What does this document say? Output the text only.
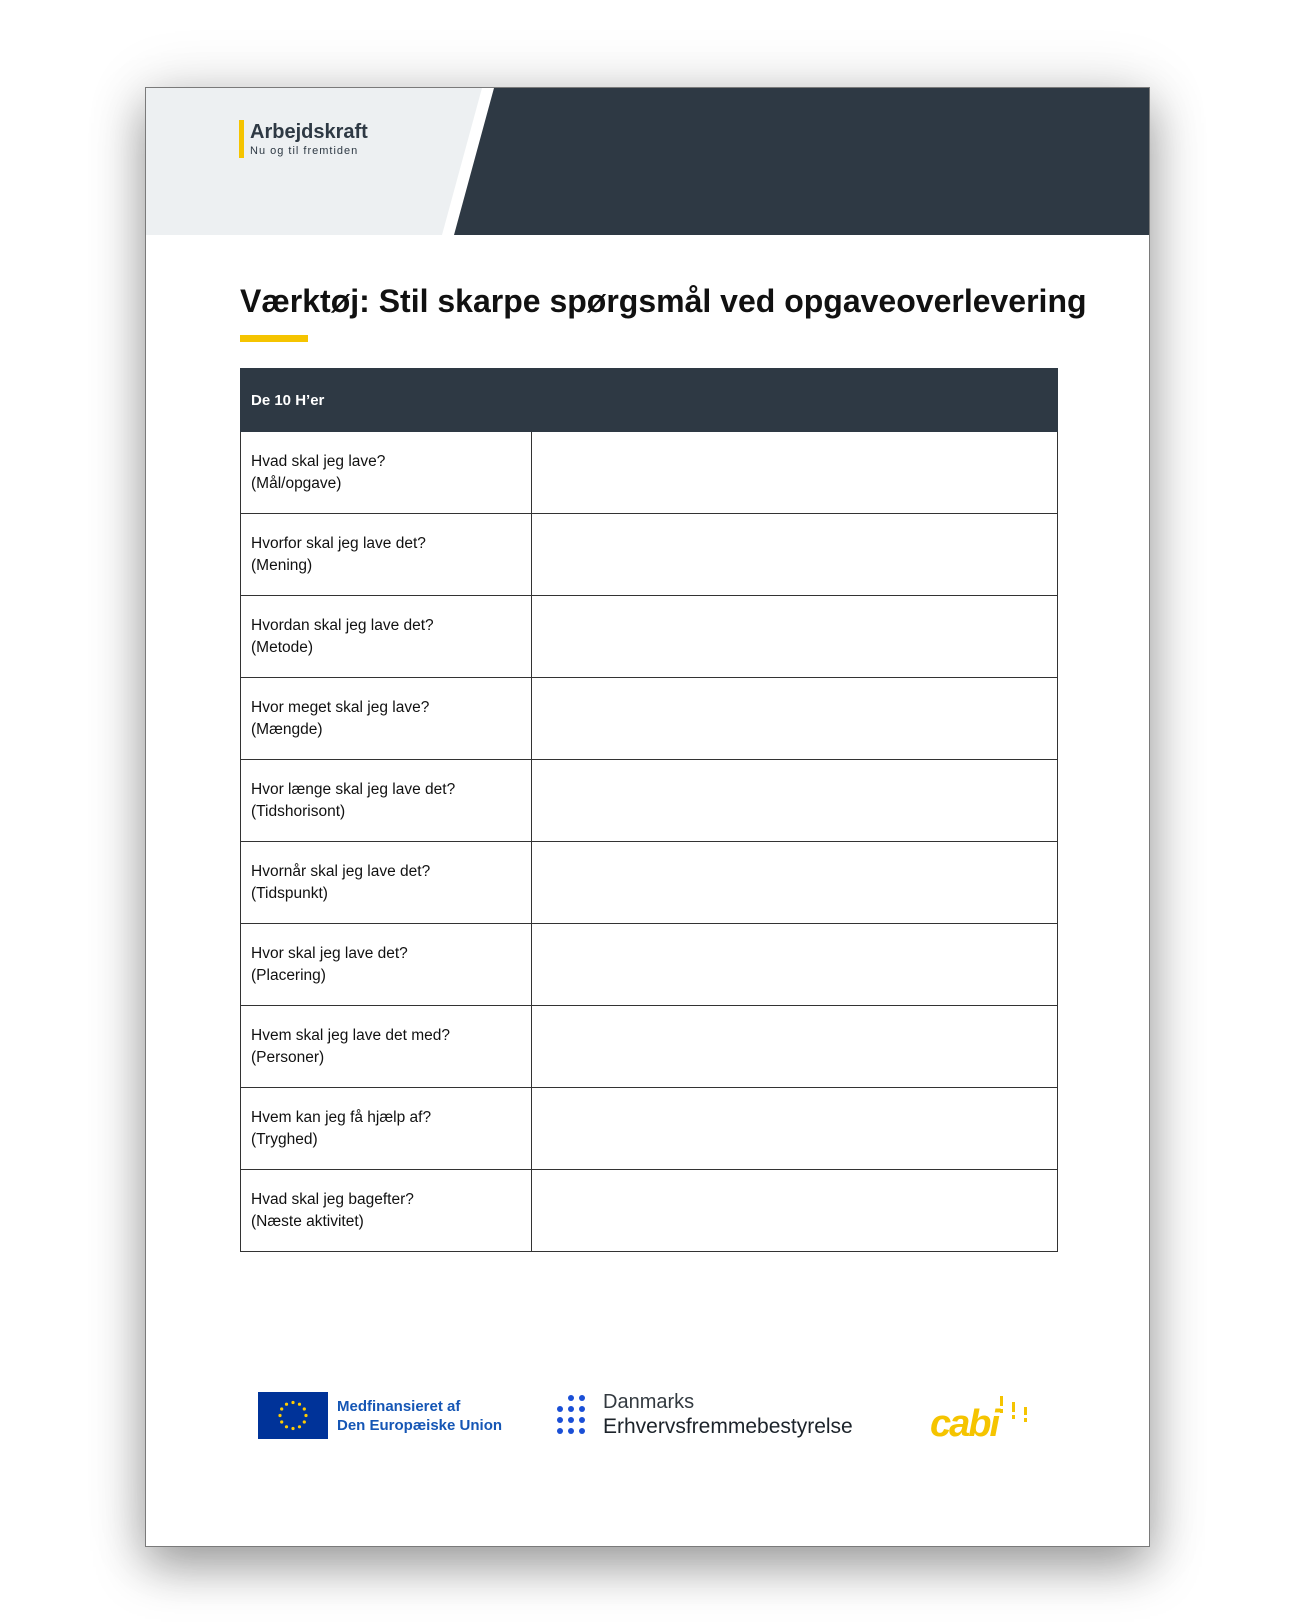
Arbejdskraft
Nu og til fremtiden
Værktøj: Stil skarpe spørgsmål ved opgaveoverlevering
De 10 H’er	

Hvad skal jeg lave?
(Mål/opgave)	

Hvorfor skal jeg lave det?
(Mening)	

Hvordan skal jeg lave det?
(Metode)	

Hvor meget skal jeg lave?
(Mængde)	

Hvor længe skal jeg lave det?
(Tidshorisont)	

Hvornår skal jeg lave det?
(Tidspunkt)	

Hvor skal jeg lave det?
(Placering)	

Hvem skal jeg lave det med?
(Personer)	

Hvem kan jeg få hjælp af?
(Tryghed)	

Hvad skal jeg bagefter?
(Næste aktivitet)	

Medfinansieret af
Den Europæiske Union
Danmarks
Erhvervsfremmebestyrelse cabi
